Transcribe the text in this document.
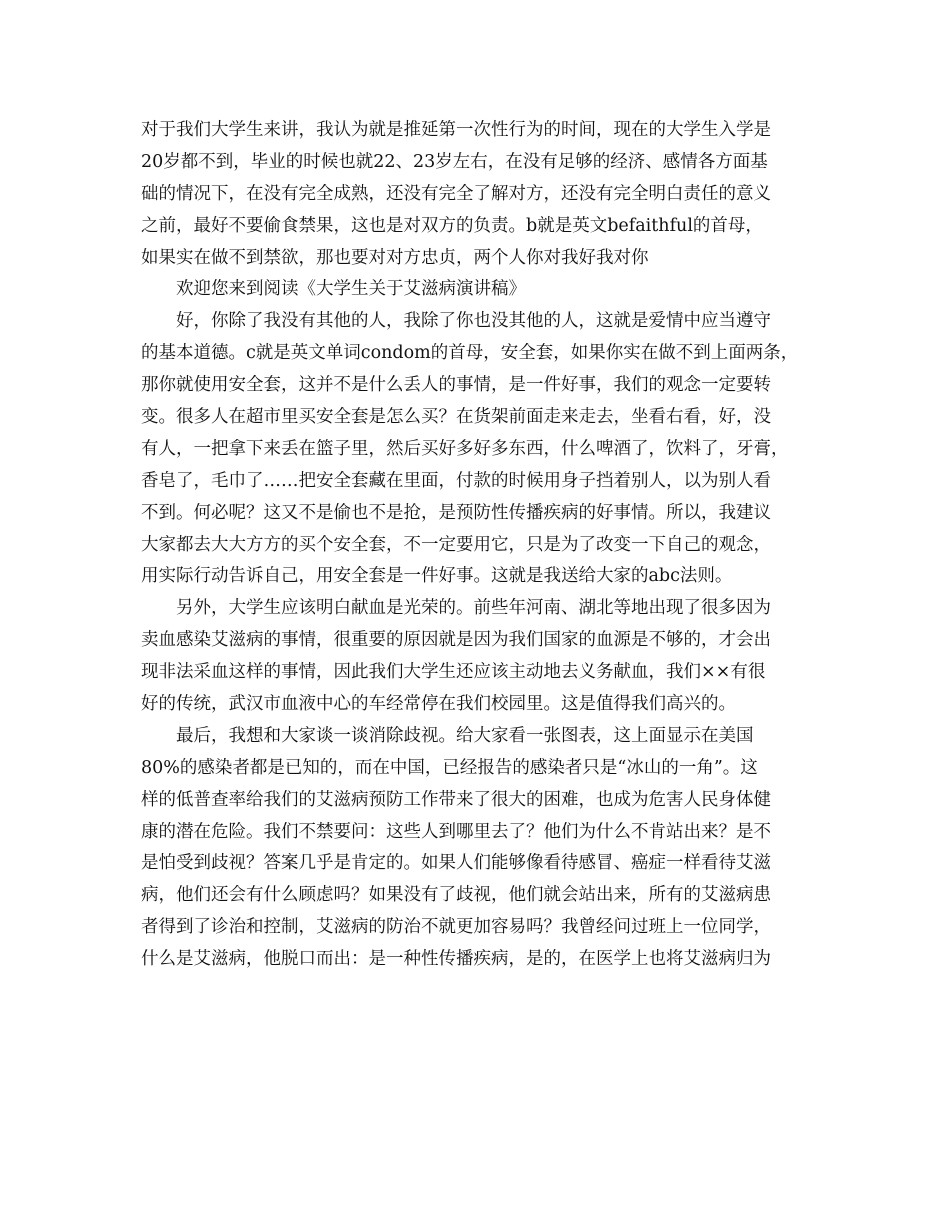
对于我们大学生来讲，我认为就是推延第一次性行为的时间，现在的大学生入学是
20岁都不到，毕业的时候也就22、23岁左右，在没有足够的经济、感情各方面基
础的情况下，在没有完全成熟，还没有完全了解对方，还没有完全明白责任的意义
之前，最好不要偷食禁果，这也是对双方的负责。b就是英文befaithful的首母，
如果实在做不到禁欲，那也要对对方忠贞，两个人你对我好我对你
欢迎您来到阅读《大学生关于艾滋病演讲稿》
好，你除了我没有其他的人，我除了你也没其他的人，这就是爱情中应当遵守
的基本道德。c就是英文单词condom的首母，安全套，如果你实在做不到上面两条，
那你就使用安全套，这并不是什么丢人的事情，是一件好事，我们的观念一定要转
变。很多人在超市里买安全套是怎么买？在货架前面走来走去，坐看右看，好，没
有人，一把拿下来丢在篮子里，然后买好多好多东西，什么啤酒了，饮料了，牙膏，
香皂了，毛巾了……把安全套藏在里面，付款的时候用身子挡着别人，以为别人看
不到。何必呢？这又不是偷也不是抢，是预防性传播疾病的好事情。所以，我建议
大家都去大大方方的买个安全套，不一定要用它，只是为了改变一下自己的观念，
用实际行动告诉自己，用安全套是一件好事。这就是我送给大家的abc法则。
另外，大学生应该明白献血是光荣的。前些年河南、湖北等地出现了很多因为
卖血感染艾滋病的事情，很重要的原因就是因为我们国家的血源是不够的，才会出
现非法采血这样的事情，因此我们大学生还应该主动地去义务献血，我们××有很
好的传统，武汉市血液中心的车经常停在我们校园里。这是值得我们高兴的。
最后，我想和大家谈一谈消除歧视。给大家看一张图表，这上面显示在美国
80%的感染者都是已知的，而在中国，已经报告的感染者只是“冰山的一角”。这
样的低普查率给我们的艾滋病预防工作带来了很大的困难，也成为危害人民身体健
康的潜在危险。我们不禁要问：这些人到哪里去了？他们为什么不肯站出来？是不
是怕受到歧视？答案几乎是肯定的。如果人们能够像看待感冒、癌症一样看待艾滋
病，他们还会有什么顾虑吗？如果没有了歧视，他们就会站出来，所有的艾滋病患
者得到了诊治和控制，艾滋病的防治不就更加容易吗？我曾经问过班上一位同学，
什么是艾滋病，他脱口而出：是一种性传播疾病，是的，在医学上也将艾滋病归为
